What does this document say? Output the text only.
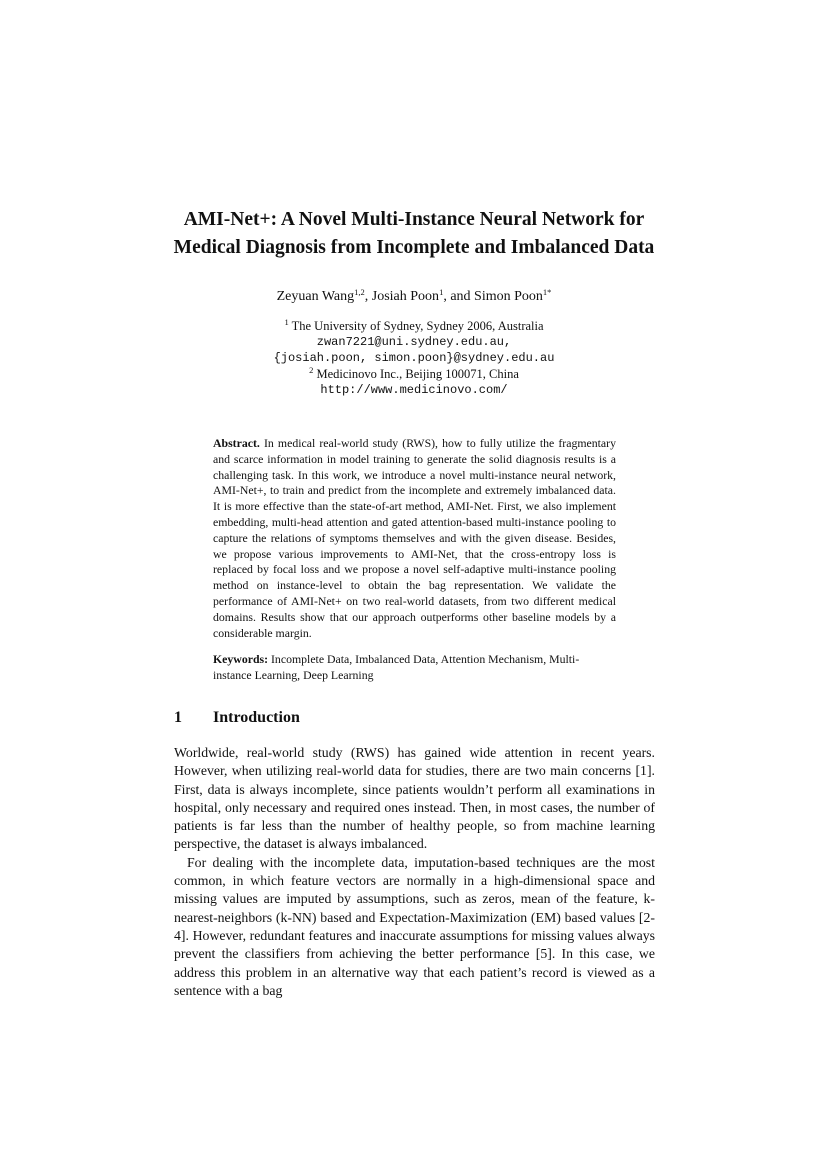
AMI-Net+: A Novel Multi-Instance Neural Network for
Medical Diagnosis from Incomplete and Imbalanced Data
Zeyuan Wang$^{1,2}$, Josiah Poon$^1$, and Simon Poon$^{1*}$
$^1$ The University of Sydney, Sydney 2006, Australia
zwan7221@uni.sydney.edu.au,
{josiah.poon, simon.poon}@sydney.edu.au
$^2$ Medicinovo Inc., Beijing 100071, China
http://www.medicinovo.com/

Abstract. In medical real-world study (RWS), how to fully utilize the fragmentary and scarce information in model training to generate the solid diagnosis results is a challenging task. In this work, we introduce a novel multi-instance neural network, AMI-Net+, to train and predict from the incomplete and extremely imbalanced data. It is more effective than the state-of-art method, AMI-Net. First, we also implement embedding, multi-head attention and gated attention-based multi-instance pooling to capture the relations of symptoms themselves and with the given disease. Besides, we propose various improvements to AMI-Net, that the cross-entropy loss is replaced by focal loss and we propose a novel self-adaptive multi-instance pooling method on instance-level to obtain the bag representation. We validate the performance of AMI-Net+ on two real-world datasets, from two different medical domains. Results show that our approach outperforms other baseline models by a considerable margin.

Keywords: Incomplete Data, Imbalanced Data, Attention Mechanism, Multi-instance Learning, Deep Learning
1 Introduction

Worldwide, real-world study (RWS) has gained wide attention in recent years. However, when utilizing real-world data for studies, there are two main concerns [1]. First, data is always incomplete, since patients wouldn’t perform all examinations in hospital, only necessary and required ones instead. Then, in most cases, the number of patients is far less than the number of healthy people, so from machine learning perspective, the dataset is always imbalanced.

For dealing with the incomplete data, imputation-based techniques are the most common, in which feature vectors are normally in a high-dimensional space and missing values are imputed by assumptions, such as zeros, mean of the feature, k-nearest-neighbors (k-NN) based and Expectation-Maximization (EM) based values [2-4]. However, redundant features and inaccurate assumptions for missing values always prevent the classifiers from achieving the better performance [5]. In this case, we address this problem in an alternative way that each patient’s record is viewed as a sentence with a bag
